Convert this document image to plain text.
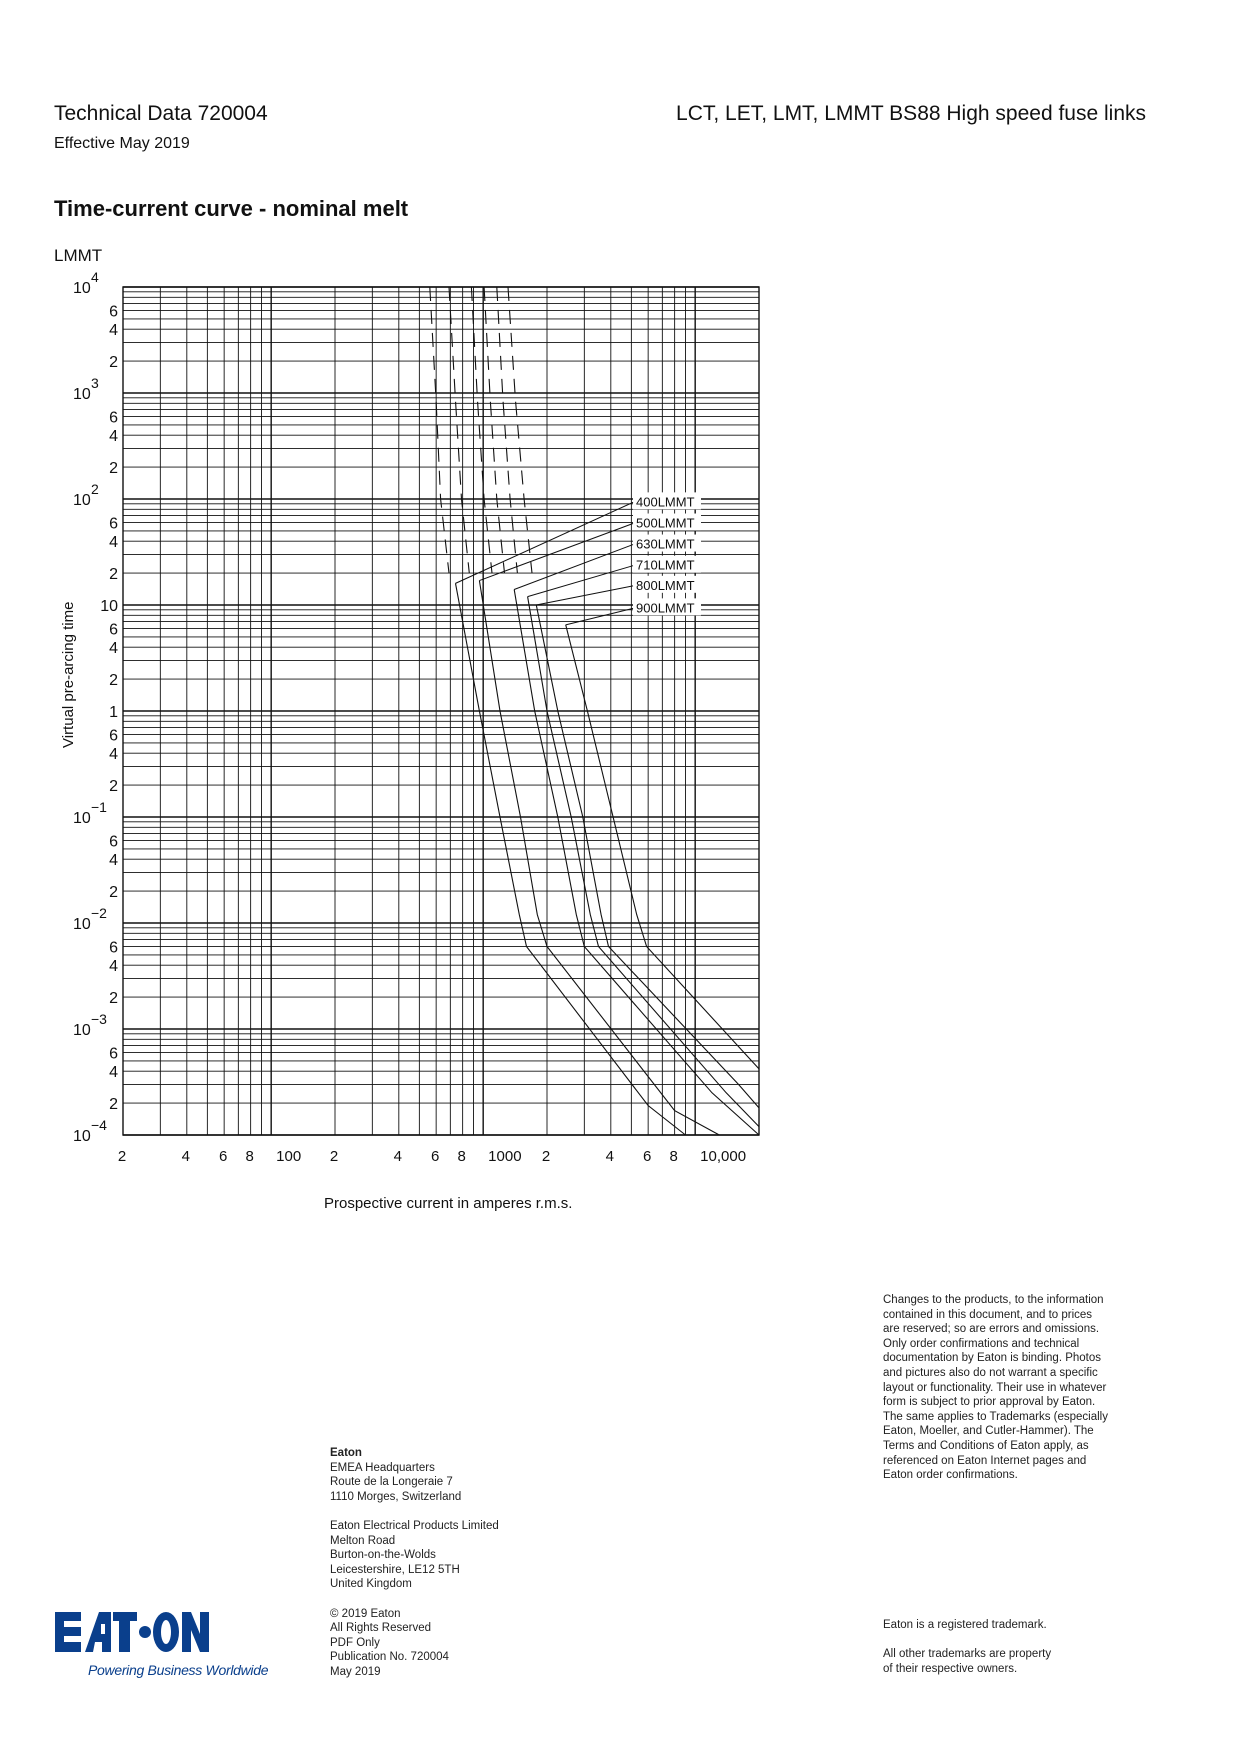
Technical Data 720004
Effective May 2019
LCT, LET, LMT, LMMT BS88 High speed fuse links
Time-current curve - nominal melt
LMMT
2	4 6 8 100 2	4 6 8 1000 2	4 6 8 10,000
10
4
6
4
2
10
3
6
4
2
10
2
6
4
2
10
6
4
2
1
6
4
2
10
−1
6
4
2
10
−2
6
4
2
10
−3
6
4
2
10
−4
400LMMT
500LMMT
630LMMT
710LMMT
800LMMT
900LMMT
Virtual pre-arcing time
Prospective current in amperes r.m.s.
Eaton

EMEA Headquarters
Route de la Longeraie 7
1110 Morges, Switzerland

Eaton Electrical Products Limited
Melton Road
Burton-on-the-Wolds
Leicestershire, LE12 5TH
United Kingdom

© 2019 Eaton
All Rights Reserved
PDF Only
Publication No. 720004
May 2019

Changes to the products, to the information
contained in this document, and to prices
are reserved; so are errors and omissions.
Only order confirmations and technical
documentation by Eaton is binding. Photos
and pictures also do not warrant a specific
layout or functionality. Their use in whatever
form is subject to prior approval by Eaton.
The same applies to Trademarks (especially
Eaton, Moeller, and Cutler-Hammer). The
Terms and Conditions of Eaton apply, as
referenced on Eaton Internet pages and
Eaton order confirmations.

Eaton is a registered trademark.

All other trademarks are property
of their respective owners.

Powering Business Worldwide
